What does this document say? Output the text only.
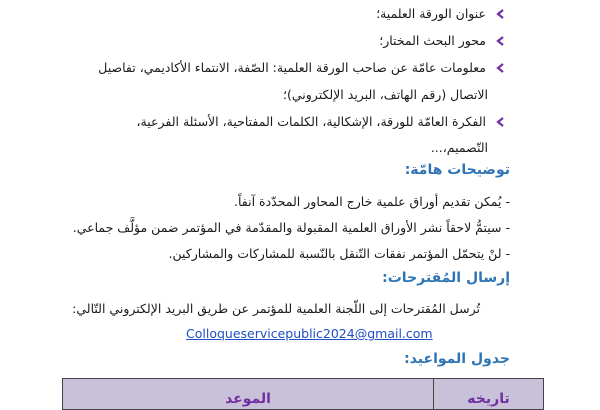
عنوان الورقة العلمية؛
محور البحث المختار؛
معلومات عامّة عن صاحب الورقة العلمية: الصّفة، الانتماء الأكاديمي، تفاصيل
الاتصال (رقم الهاتف، البريد الإلكتروني)؛
الفكرة العامّة للورقة، الإشكالية، الكلمات المفتاحية، الأسئلة الفرعية،
التّصميم،...
توضيحات هامّة:
- يُمكن تقديم أوراق علمية خارج المحاور المحدّدة آنفاً.
- سيتمُّ لاحقاً نشر الأوراق العلمية المقبولة والمقدّمة في المؤتمر ضمن مؤلَّف جماعي.
- لنْ يتحمّل المؤتمر نفقات التّنقل بالنّسبة للمشاركات والمشاركين.
إرسال المُقترحات:
تُرسل المُقترحات إلى اللّجنة العلمية للمؤتمر عن طريق البريد الإلكتروني التّالي:
Colloqueservicepublic2024@gmail.com
جدول المواعيد:
تاريخه
الموعد
